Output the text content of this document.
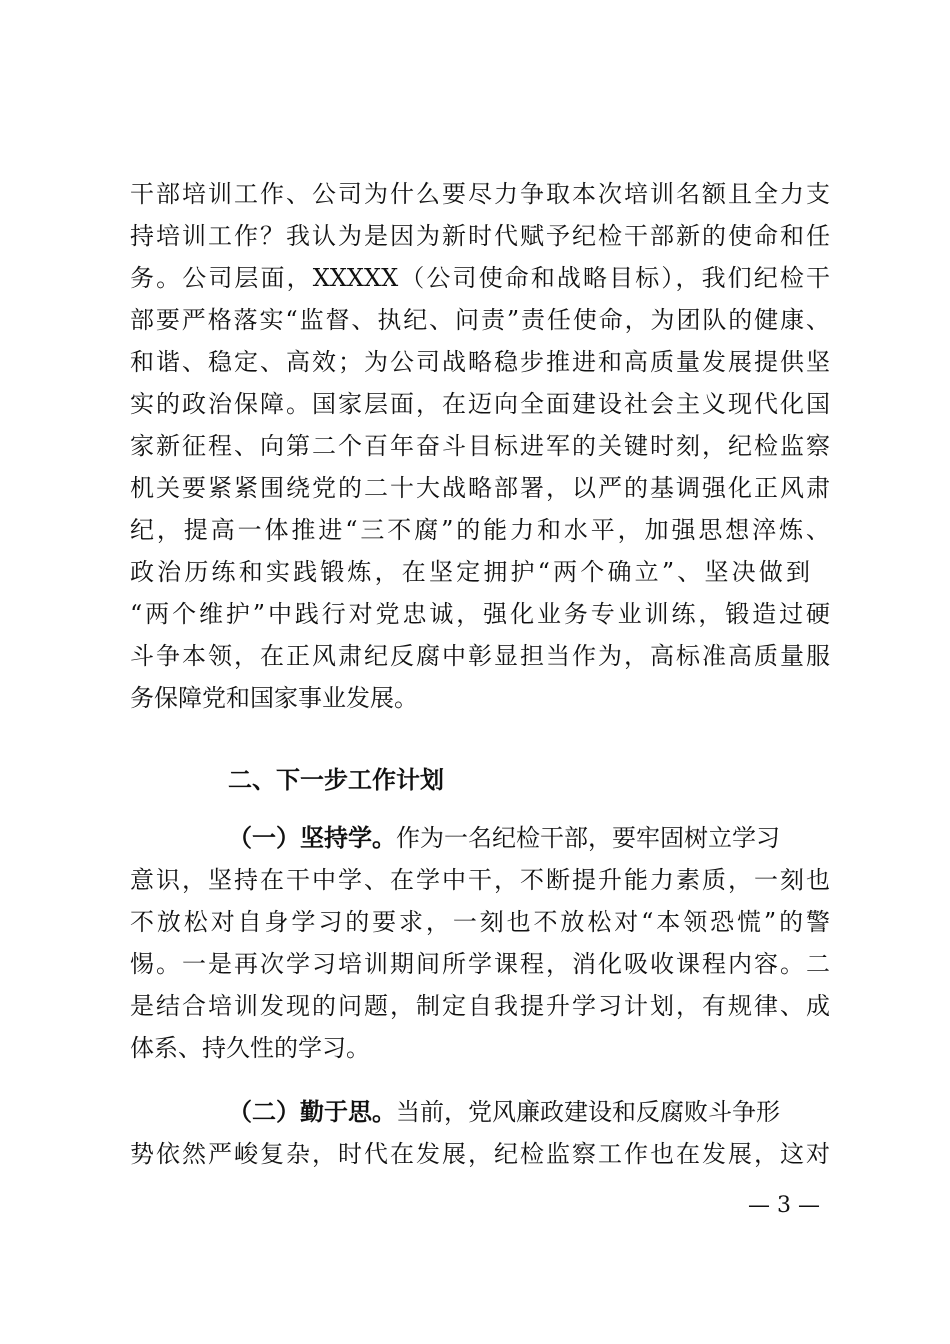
干部培训工作、公司为什么要尽力争取本次培训名额且全力支
持培训工作？我认为是因为新时代赋予纪检干部新的使命和任
务。公司层面，XXXXX（公司使命和战略目标），我们纪检干
部要严格落实“监督、执纪、问责”责任使命，为团队的健康、
和谐、稳定、高效；为公司战略稳步推进和高质量发展提供坚
实的政治保障。国家层面，在迈向全面建设社会主义现代化国
家新征程、向第二个百年奋斗目标进军的关键时刻，纪检监察
机关要紧紧围绕党的二十大战略部署，以严的基调强化正风肃
纪，提高一体推进“三不腐”的能力和水平，加强思想淬炼、
政治历练和实践锻炼，在坚定拥护“两个确立”、坚决做到
“两个维护”中践行对党忠诚，强化业务专业训练，锻造过硬
斗争本领，在正风肃纪反腐中彰显担当作为，高标准高质量服
务保障党和国家事业发展。
二、下一步工作计划
（一）坚持学。作为一名纪检干部，要牢固树立学习
意识，坚持在干中学、在学中干，不断提升能力素质，一刻也
不放松对自身学习的要求，一刻也不放松对“本领恐慌”的警
惕。一是再次学习培训期间所学课程，消化吸收课程内容。二
是结合培训发现的问题，制定自我提升学习计划，有规律、成
体系、持久性的学习。
（二）勤于思。当前，党风廉政建设和反腐败斗争形
势依然严峻复杂，时代在发展，纪检监察工作也在发展，这对
— 3 —
